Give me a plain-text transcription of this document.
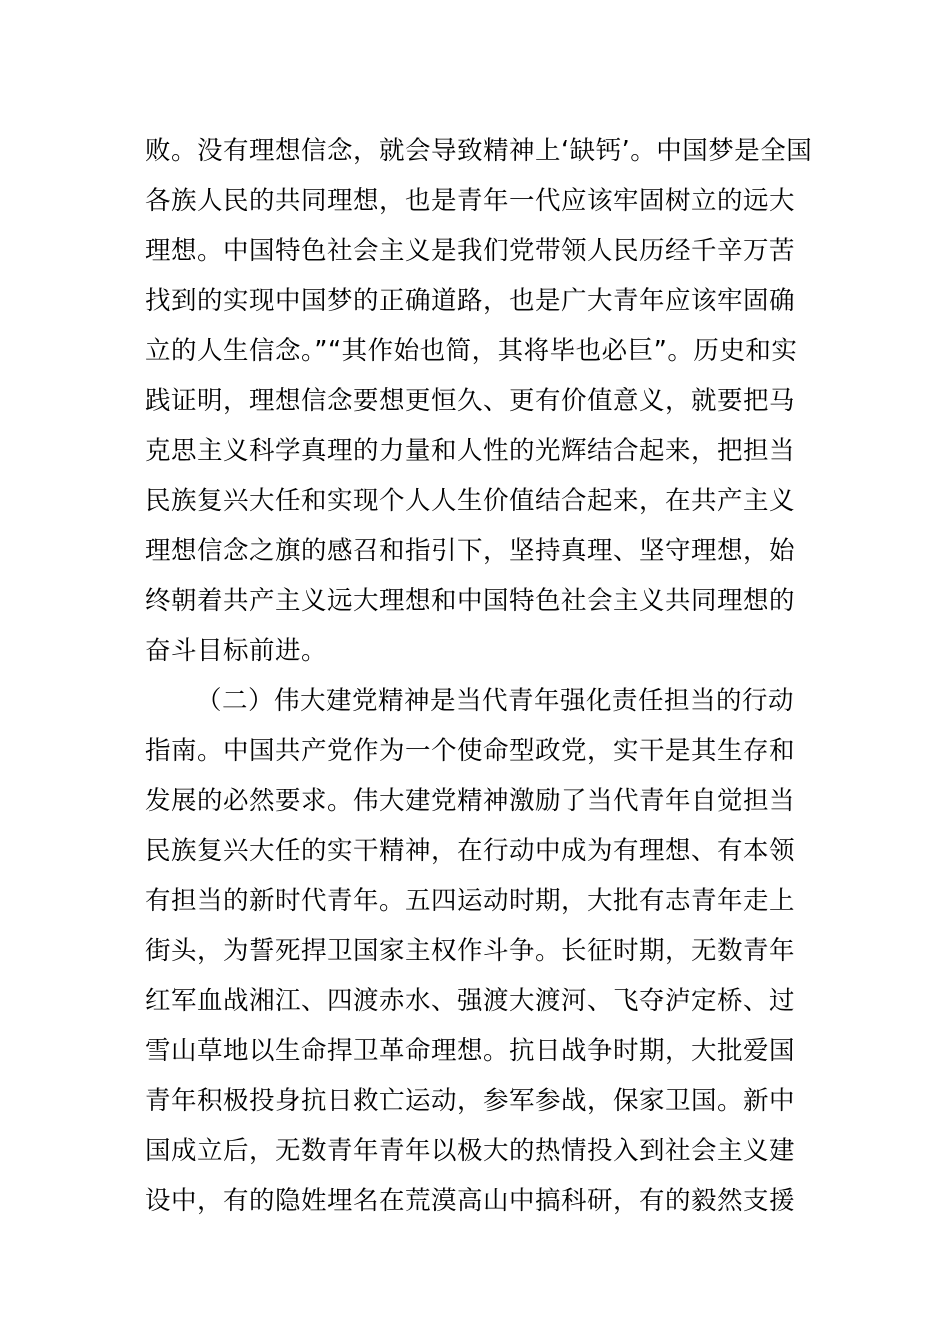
败。没有理想信念，就会导致精神上‘缺钙’。中国梦是全国
各族人民的共同理想，也是青年一代应该牢固树立的远大
理想。中国特色社会主义是我们党带领人民历经千辛万苦
找到的实现中国梦的正确道路，也是广大青年应该牢固确
立的人生信念。”“其作始也简，其将毕也必巨”。历史和实
践证明，理想信念要想更恒久、更有价值意义，就要把马
克思主义科学真理的力量和人性的光辉结合起来，把担当
民族复兴大任和实现个人人生价值结合起来，在共产主义
理想信念之旗的感召和指引下，坚持真理、坚守理想，始
终朝着共产主义远大理想和中国特色社会主义共同理想的
奋斗目标前进。
（二）伟大建党精神是当代青年强化责任担当的行动
指南。中国共产党作为一个使命型政党，实干是其生存和
发展的必然要求。伟大建党精神激励了当代青年自觉担当
民族复兴大任的实干精神，在行动中成为有理想、有本领
有担当的新时代青年。五四运动时期，大批有志青年走上
街头，为誓死捍卫国家主权作斗争。长征时期，无数青年
红军血战湘江、四渡赤水、强渡大渡河、飞夺泸定桥、过
雪山草地以生命捍卫革命理想。抗日战争时期，大批爱国
青年积极投身抗日救亡运动，参军参战，保家卫国。新中
国成立后，无数青年青年以极大的热情投入到社会主义建
设中，有的隐姓埋名在荒漠高山中搞科研，有的毅然支援
